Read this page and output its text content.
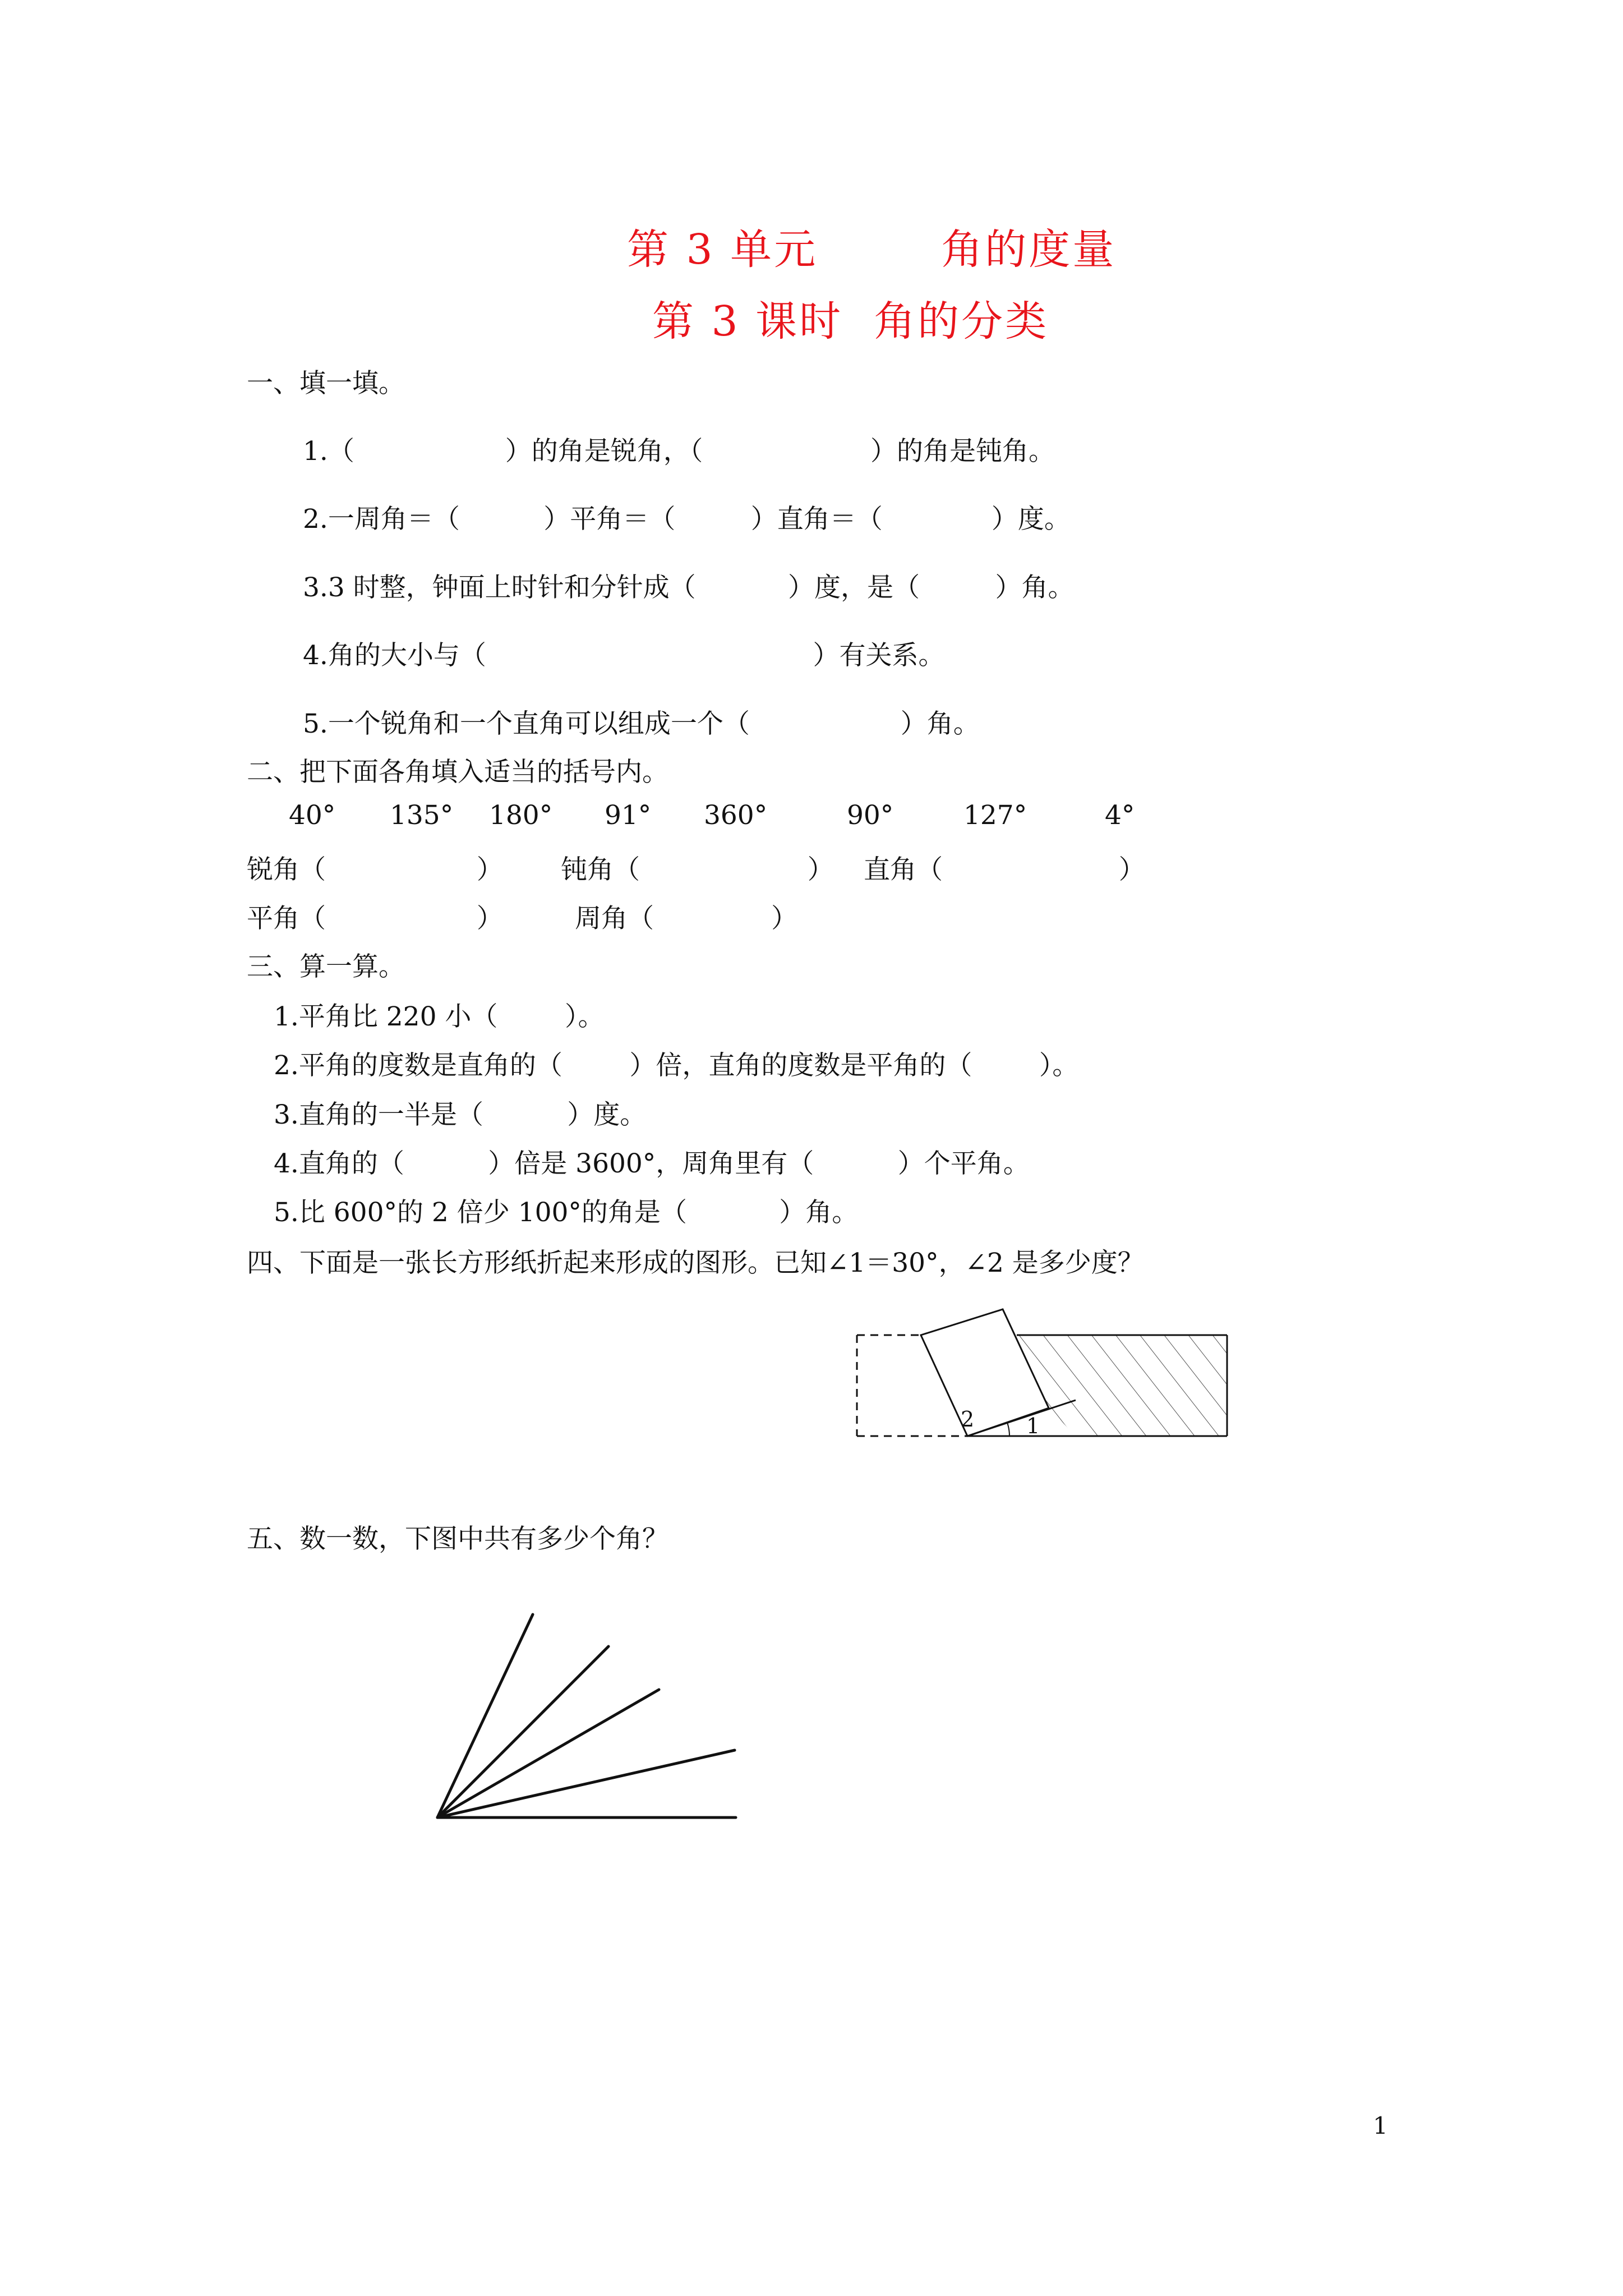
第 3 单元        角的度量
第 3 课时  角的分类
一、填一填。
1.（                  ）的角是锐角，（                    ）的角是钝角。
2.一周角＝（          ）平角＝（         ）直角＝（             ）度。
3.3 时整，钟面上时针和分针成（           ）度，是（         ）角。
4.角的大小与（                                       ）有关系。
5.一个锐角和一个直角可以组成一个（                  ）角。
二、把下面各角填入适当的括号内。
40° 135° 180° 91° 360°	90°	127°	4°
锐角（                  ） 钝角（                    ） 直角（                     ）
平角（                  ）	周角（              ）
三、算一算。
1.平角比 220 小（        ）。
2.平角的度数是直角的（        ）倍，直角的度数是平角的（        ）。
3.直角的一半是（          ）度。
4.直角的（          ）倍是 3600°，周角里有（          ）个平角。
5.比 600°的 2 倍少 100°的角是（           ）角。
四、下面是一张长方形纸折起来形成的图形。已知∠1＝30°，∠2 是多少度？
2 1
五、数一数，下图中共有多少个角？
1
